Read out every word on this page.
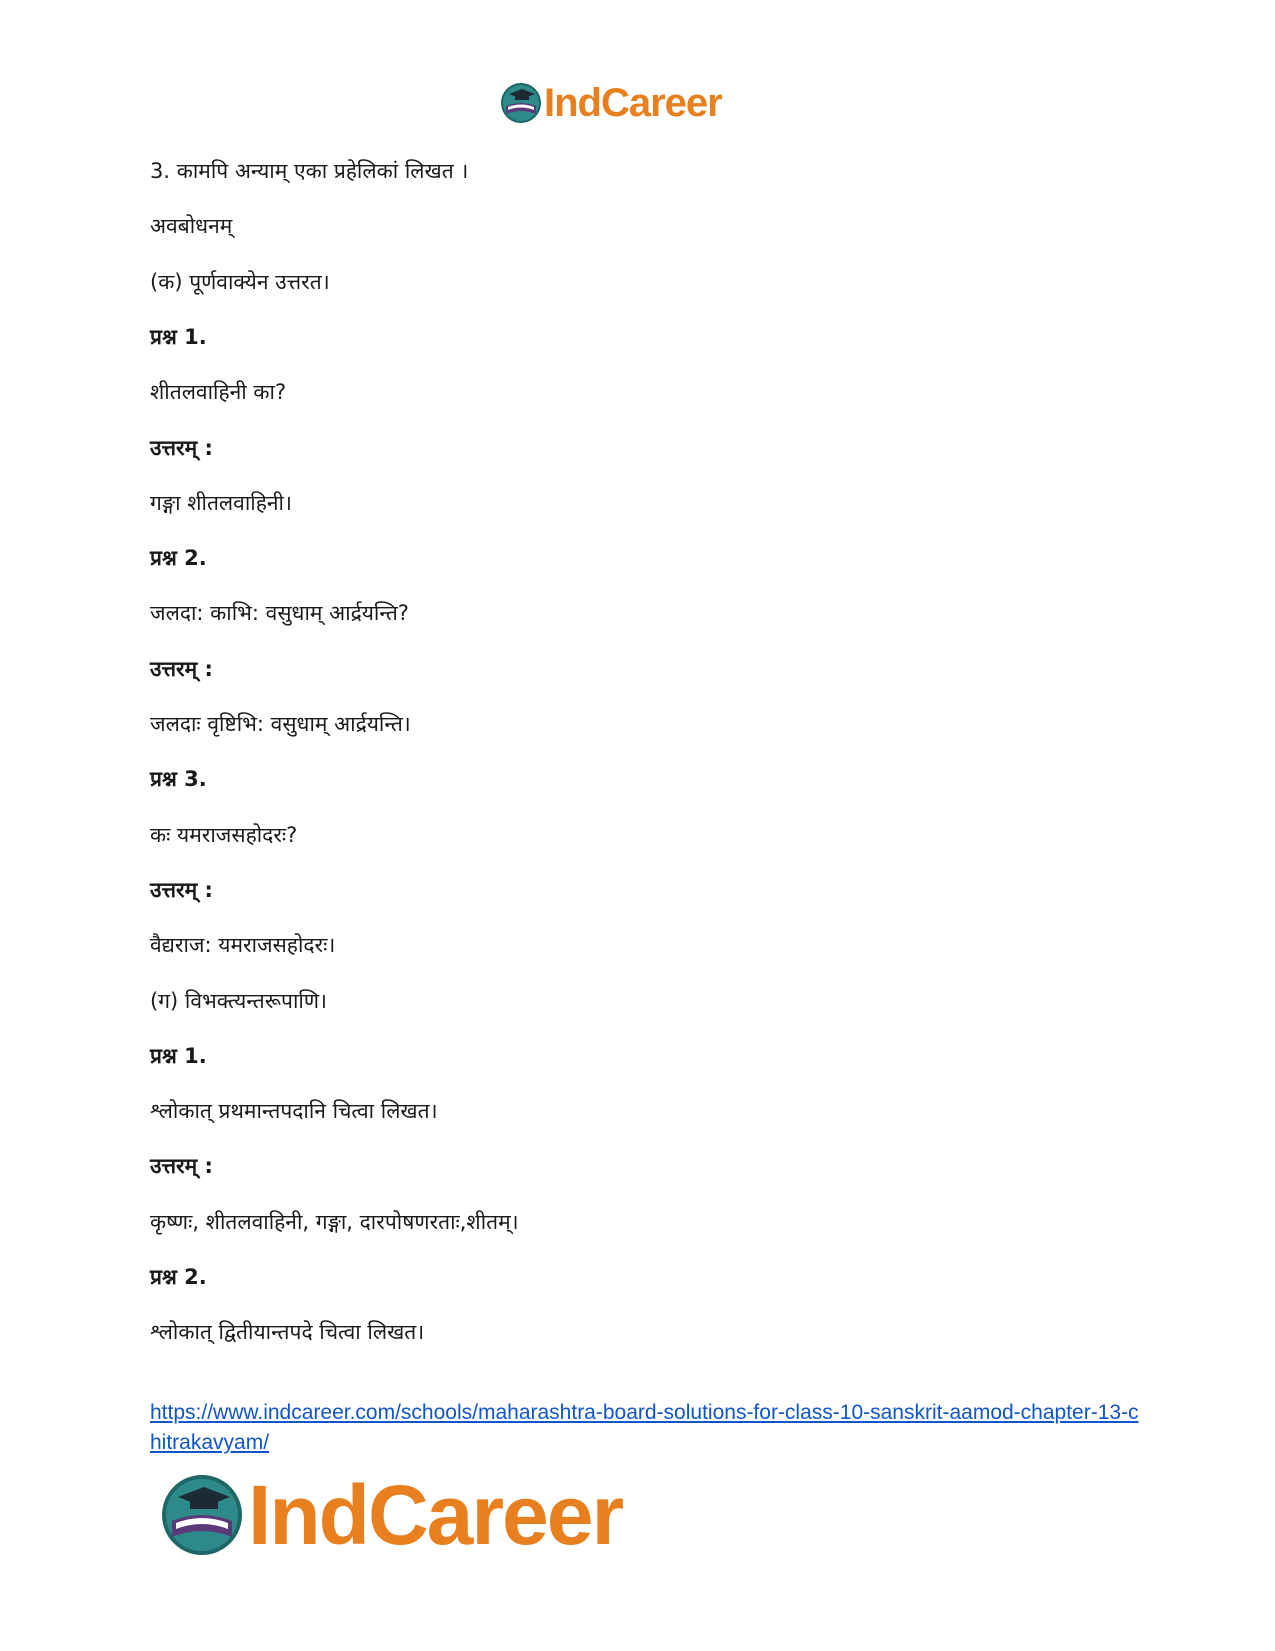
IndCareer
3. कामपि अन्याम् एका प्रहेलिकां लिखत ।
अवबोधनम्
(क) पूर्णवाक्येन उत्तरत।
प्रश्न 1.
शीतलवाहिनी का?
उत्तरम् :
गङ्गा शीतलवाहिनी।
प्रश्न 2.
जलदा: काभि: वसुधाम् आर्द्रयन्ति?
उत्तरम् :
जलदाः वृष्टिभि: वसुधाम् आर्द्रयन्ति।
प्रश्न 3.
कः यमराजसहोदरः?
उत्तरम् :
वैद्यराज: यमराजसहोदरः।
(ग) विभक्त्यन्तरूपाणि।
प्रश्न 1.
श्लोकात् प्रथमान्तपदानि चित्वा लिखत।
उत्तरम् :
कृष्णः, शीतलवाहिनी, गङ्गा, दारपोषणरताः,शीतम्।
प्रश्न 2.
श्लोकात् द्वितीयान्तपदे चित्वा लिखत।
https://www.indcareer.com/schools/maharashtra-board-solutions-for-class-10-sanskrit-aamod-chapter-13-chitrakavyam/
IndCareer
